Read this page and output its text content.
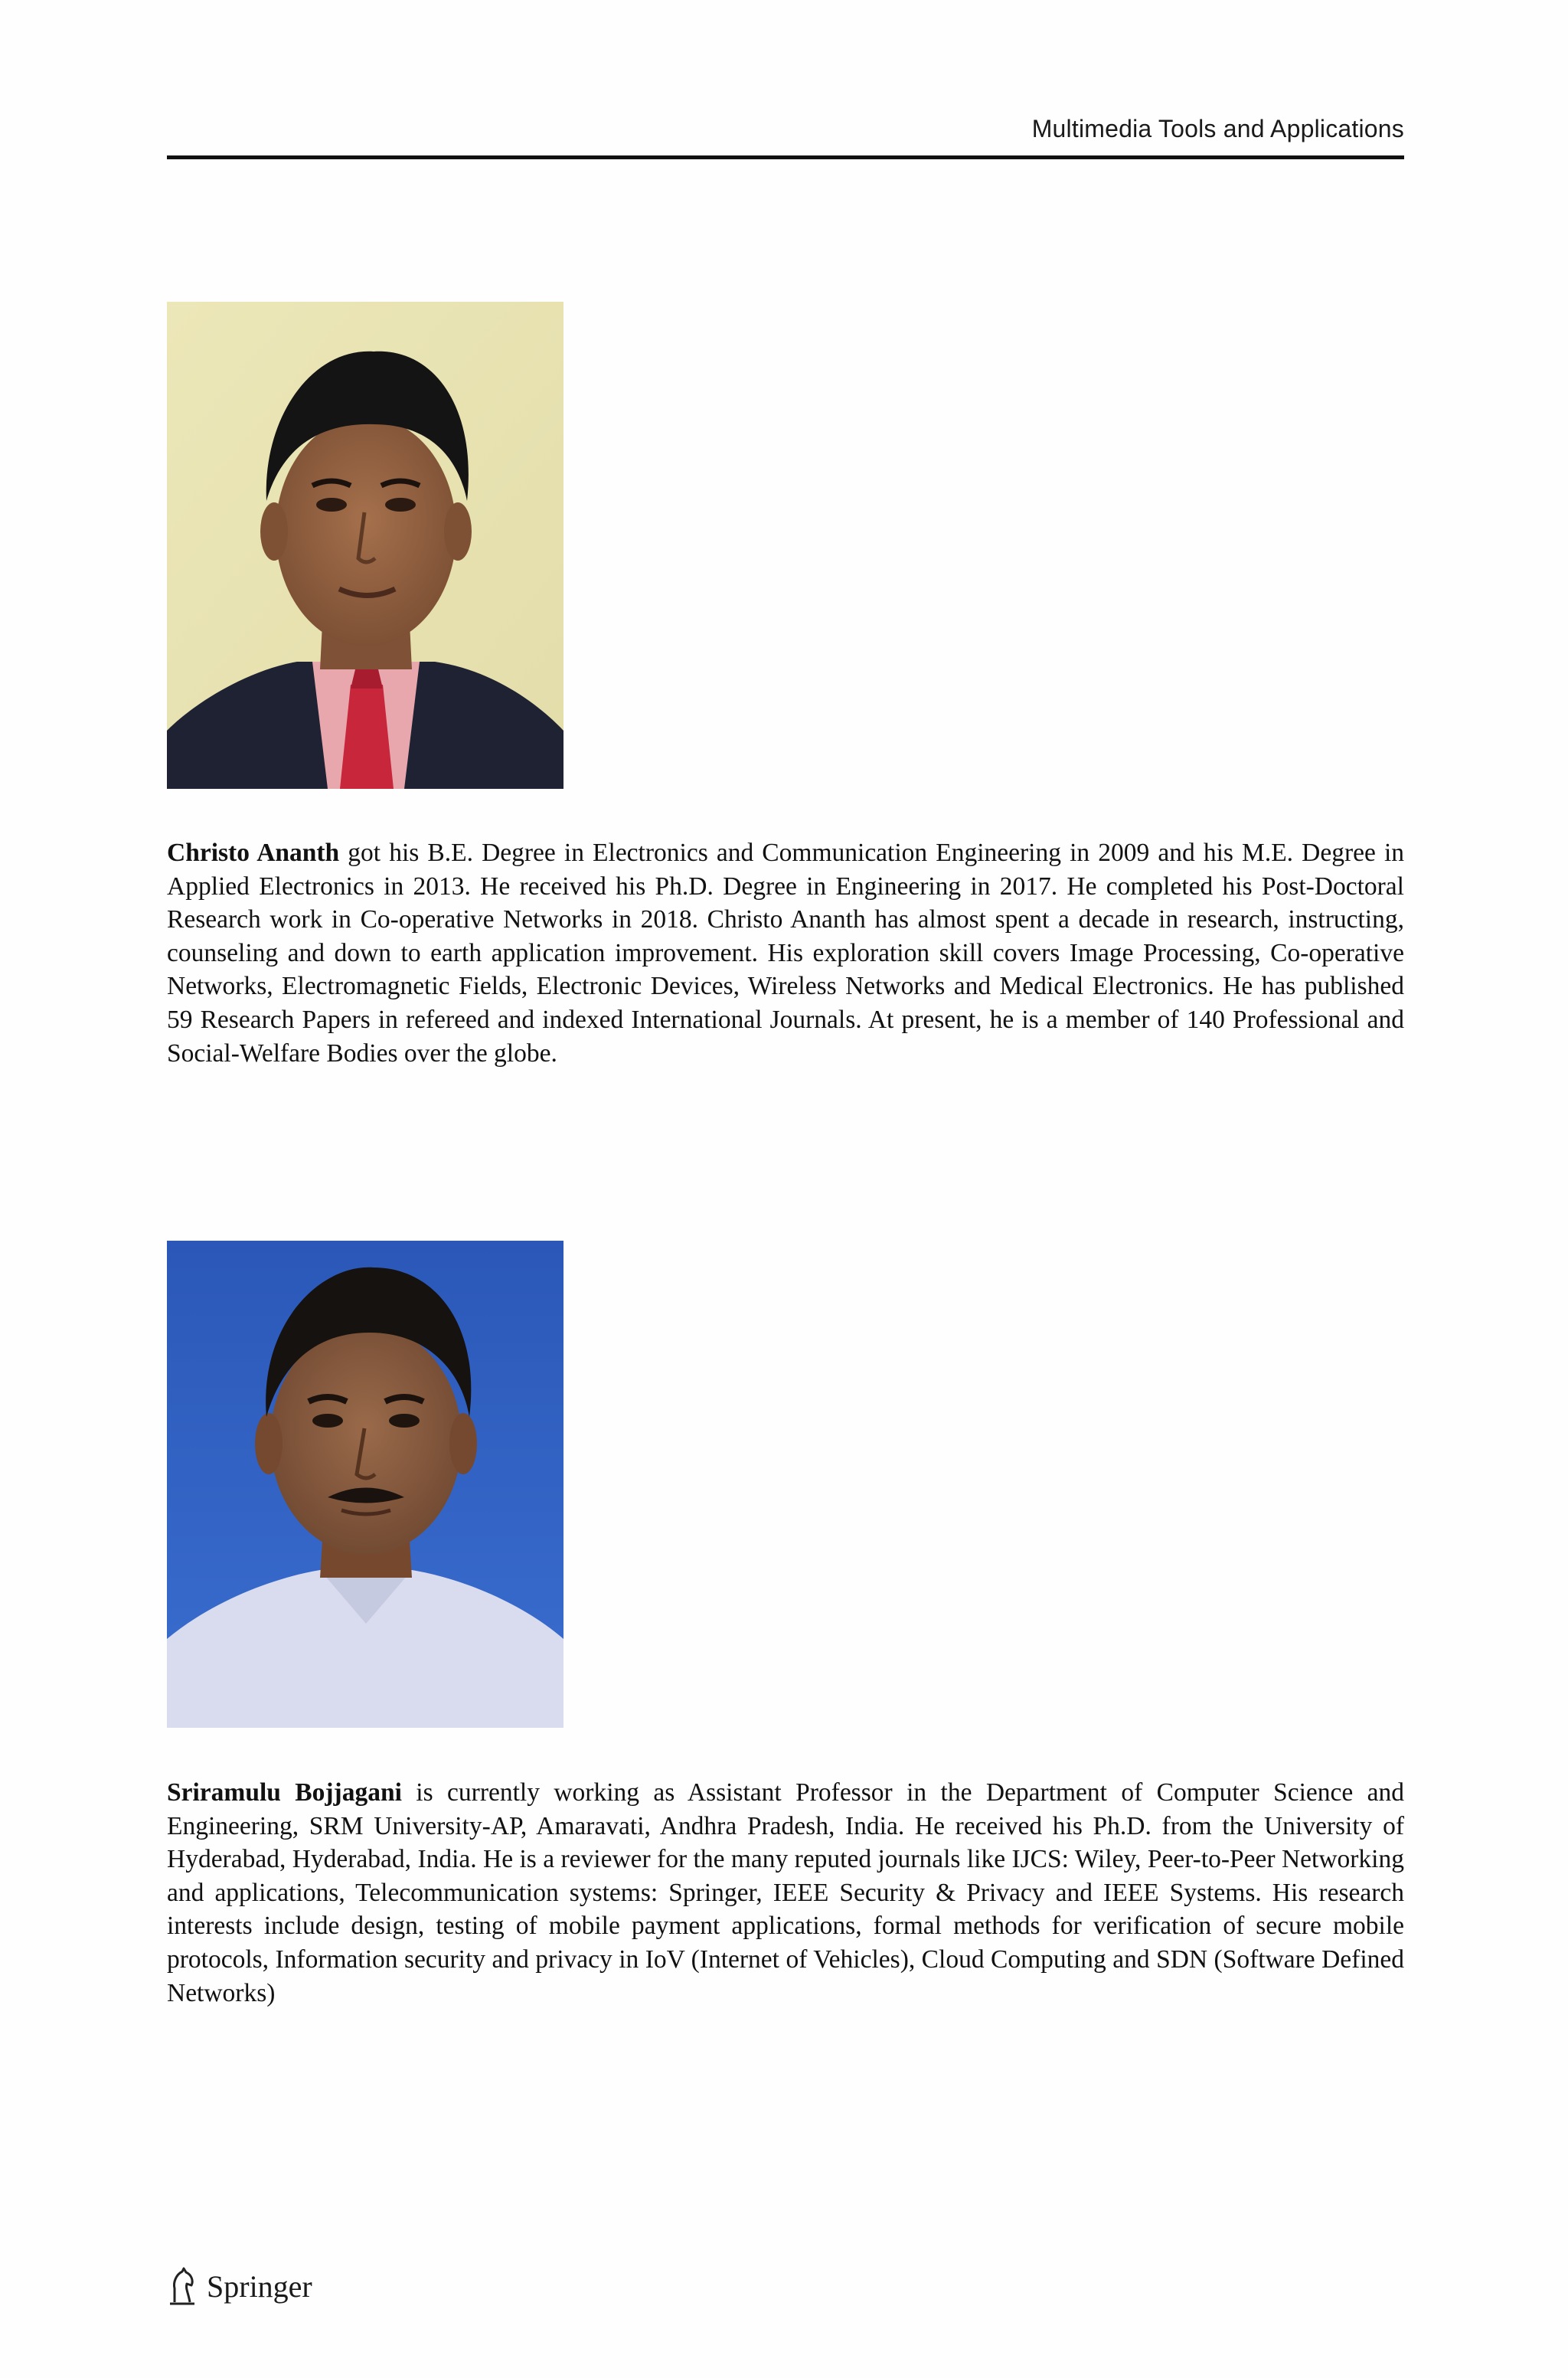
Multimedia Tools and Applications

Christo Ananth got his B.E. Degree in Electronics and Communication Engineering in 2009 and his M.E. Degree in Applied Electronics in 2013. He received his Ph.D. Degree in Engineering in 2017. He completed his Post-Doctoral Research work in Co-operative Networks in 2018. Christo Ananth has almost spent a decade in research, instructing, counseling and down to earth application improvement. His exploration skill covers Image Processing, Co-operative Networks, Electromagnetic Fields, Electronic Devices, Wireless Networks and Medical Electronics. He has published 59 Research Papers in refereed and indexed International Journals. At present, he is a member of 140 Professional and Social-Welfare Bodies over the globe.

Sriramulu Bojjagani is currently working as Assistant Professor in the Department of Computer Science and Engineering, SRM University-AP, Amaravati, Andhra Pradesh, India. He received his Ph.D. from the University of Hyderabad, Hyderabad, India. He is a reviewer for the many reputed journals like IJCS: Wiley, Peer-to-Peer Networking and applications, Telecommunication systems: Springer, IEEE Security & Privacy and IEEE Systems. His research interests include design, testing of mobile payment applications, formal methods for verification of secure mobile protocols, Information security and privacy in IoV (Internet of Vehicles), Cloud Computing and SDN (Software Defined Networks)

Springer
